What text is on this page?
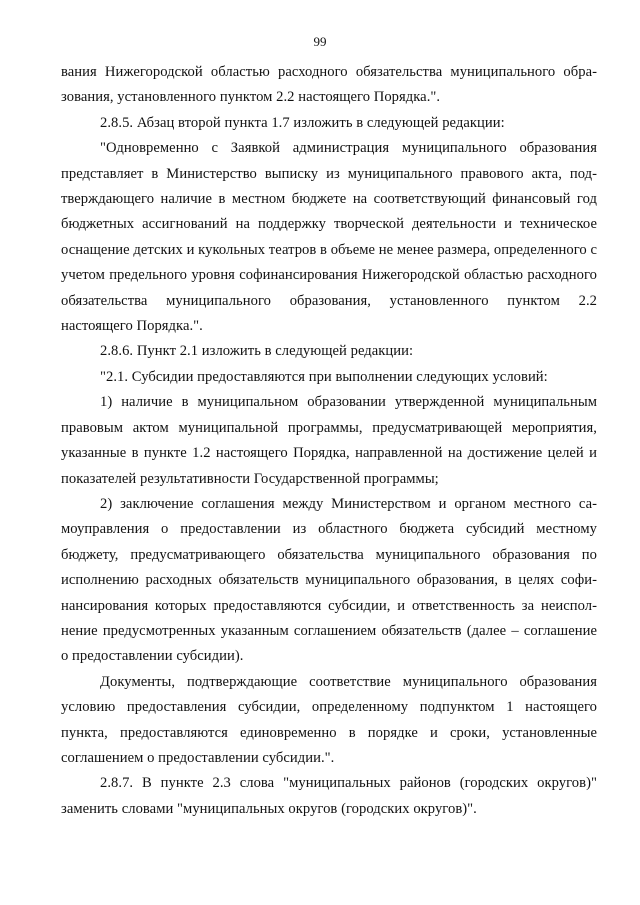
99

вания Нижегородской областью расходного обязательства муниципального образования, установленного пунктом 2.2 настоящего Порядка.".

2.8.5. Абзац второй пункта 1.7 изложить в следующей редакции:

"Одновременно с Заявкой администрация муниципального образования представляет в Министерство выписку из муниципального правового акта, подтверждающего наличие в местном бюджете на соответствующий финансовый год бюджетных ассигнований на поддержку творческой деятельности и техническое оснащение детских и кукольных театров в объеме не менее размера, определенного с учетом предельного уровня софинансирования Нижегородской областью расходного обязательства муниципального образования, установленного пунктом 2.2 настоящего Порядка.".

2.8.6. Пункт 2.1 изложить в следующей редакции:

"2.1. Субсидии предоставляются при выполнении следующих условий:

1) наличие в муниципальном образовании утвержденной муниципальным правовым актом муниципальной программы, предусматривающей мероприятия, указанные в пункте 1.2 настоящего Порядка, направленной на достижение целей и показателей результативности Государственной программы;

2) заключение соглашения между Министерством и органом местного самоуправления о предоставлении из областного бюджета субсидий местному бюджету, предусматривающего обязательства муниципального образования по исполнению расходных обязательств муниципального образования, в целях софинансирования которых предоставляются субсидии, и ответственность за неисполнение предусмотренных указанным соглашением обязательств (далее – соглашение о предоставлении субсидии).

Документы, подтверждающие соответствие муниципального образования условию предоставления субсидии, определенному подпунктом 1 настоящего пункта, предоставляются единовременно в порядке и сроки, установленные соглашением о предоставлении субсидии.".

2.8.7. В пункте 2.3 слова "муниципальных районов (городских округов)" заменить словами "муниципальных округов (городских округов)".
